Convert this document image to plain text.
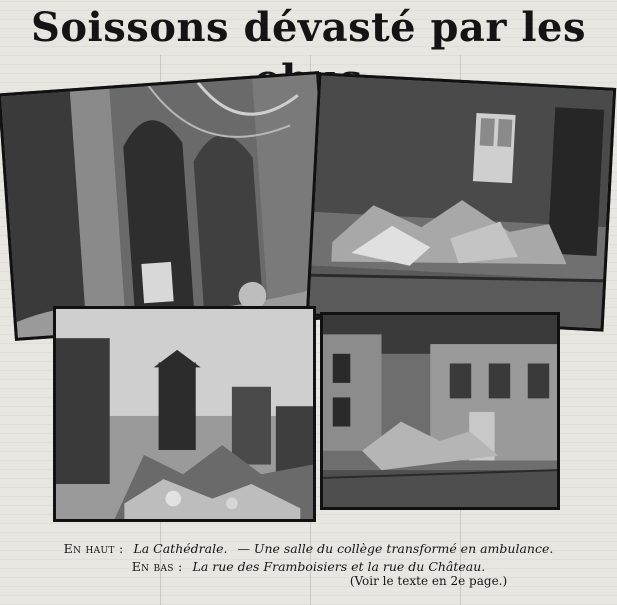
Soissons dévasté par les
En haut : La Cathédrale. — Une salle du collège transformé en ambulance.
En bas : La rue des Framboisiers et la rue du Château.
(Voir le texte en 2e page.)
